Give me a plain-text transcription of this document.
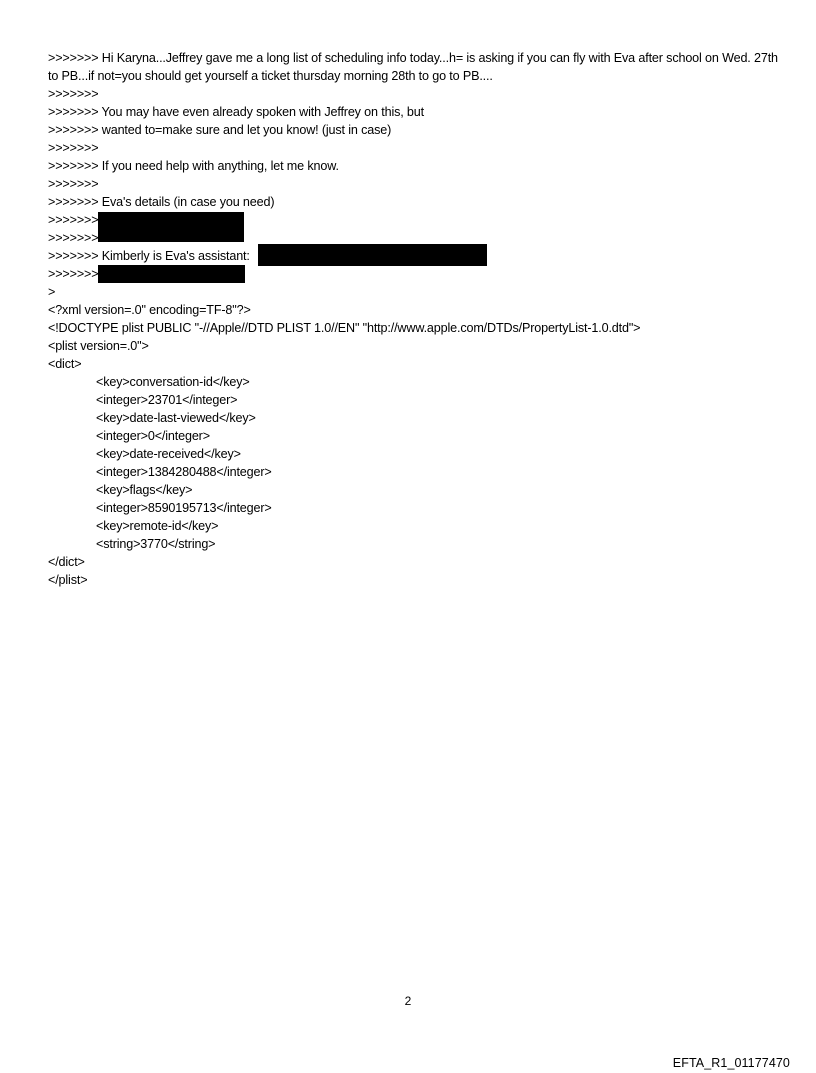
>>>>>>> Hi Karyna...Jeffrey gave me a long list of scheduling info today...h= is asking if you can fly with Eva after school on Wed. 27th to PB...if not=you should get yourself a ticket thursday morning 28th to go to PB....
>>>>>>>
>>>>>>> You may have even already spoken with Jeffrey on this, but
>>>>>>> wanted to=make sure and let you know! (just in case)
>>>>>>>
>>>>>>> If you need help with anything, let me know.
>>>>>>>
>>>>>>> Eva's details (in case you need)
>>>>>>>
>>>>>>>
>>>>>>> Kimberly is Eva's assistant:
>>>>>>>
>
<?xml version=.0" encoding=TF-8"?>
<!DOCTYPE plist PUBLIC "-//Apple//DTD PLIST 1.0//EN" "http://www.apple.com/DTDs/PropertyList-1.0.dtd">
<plist version=.0">
<dict>
<key>conversation-id</key>
<integer>23701</integer>
<key>date-last-viewed</key>
<integer>0</integer>
<key>date-received</key>
<integer>1384280488</integer>
<key>flags</key>
<integer>8590195713</integer>
<key>remote-id</key>
<string>3770</string>
</dict>
</plist>
2
EFTA_R1_01177470
